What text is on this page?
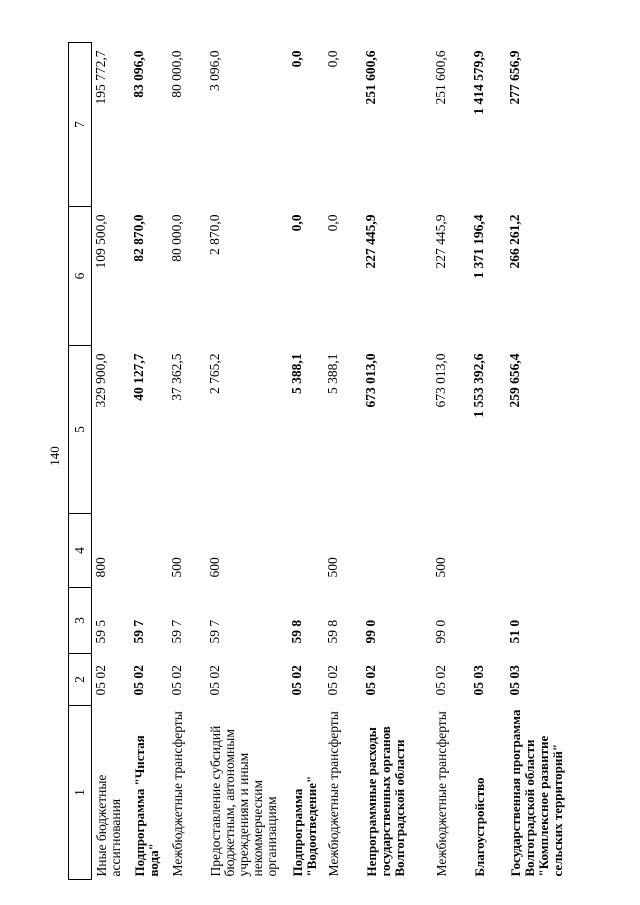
140
1	2	3	4	5	6	7
Иные бюджетные ассигнования	05 02	59 5	800	329 900,0	109 500,0	195 772,7
Подпрограмма "Чистая вода"	05 02	59 7		40 127,7	82 870,0	83 096,0
Межбюджетные трансферты	05 02	59 7	500	37 362,5	80 000,0	80 000,0
Предоставление субсидий бюджетным, автономным учреждениям и иным некоммерческим организациям	05 02	59 7	600	2 765,2	2 870,0	3 096,0
Подпрограмма "Водоотведение"	05 02	59 8		5 388,1	0,0	0,0
Межбюджетные трансферты	05 02	59 8	500	5 388,1	0,0	0,0
Непрограммные расходы государственных органов Волгоградской области	05 02	99 0		673 013,0	227 445,9	251 600,6
Межбюджетные трансферты	05 02	99 0	500	673 013,0	227 445,9	251 600,6
Благоустройство	05 03			1 553 392,6	1 371 196,4	1 414 579,9
Государственная программа Волгоградской области "Комплексное развитие сельских территорий"	05 03	51 0		259 656,4	266 261,2	277 656,9
